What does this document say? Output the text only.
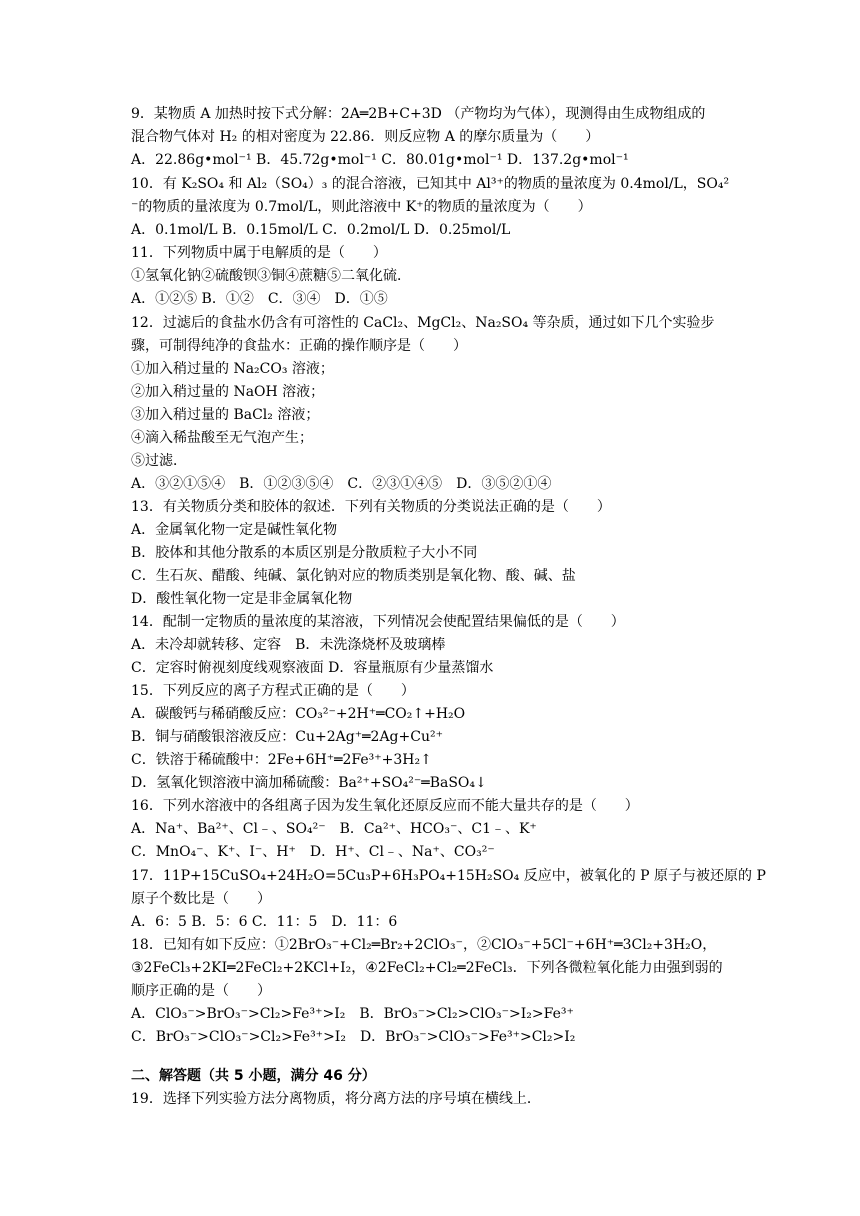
9．某物质 A 加热时按下式分解：2A═2B+C+3D （产物均为气体），现测得由生成物组成的
混合物气体对 H₂ 的相对密度为 22.86．则反应物 A 的摩尔质量为（　　）
A．22.86g•mol⁻¹ B．45.72g•mol⁻¹ C．80.01g•mol⁻¹ D．137.2g•mol⁻¹
10．有 K₂SO₄ 和 Al₂（SO₄）₃ 的混合溶液，已知其中 Al³⁺的物质的量浓度为 0.4mol/L，SO₄²
⁻的物质的量浓度为 0.7mol/L，则此溶液中 K⁺的物质的量浓度为（　　）
A．0.1mol/L B．0.15mol/L C．0.2mol/L D．0.25mol/L
11．下列物质中属于电解质的是（　　）
①氢氧化钠②硫酸钡③铜④蔗糖⑤二氧化硫．
A．①②⑤ B．①②　C．③④　D．①⑤
12．过滤后的食盐水仍含有可溶性的 CaCl₂、MgCl₂、Na₂SO₄ 等杂质，通过如下几个实验步
骤，可制得纯净的食盐水：正确的操作顺序是（　　）
①加入稍过量的 Na₂CO₃ 溶液；
②加入稍过量的 NaOH 溶液；
③加入稍过量的 BaCl₂ 溶液；
④滴入稀盐酸至无气泡产生；
⑤过滤．
A．③②①⑤④　B．①②③⑤④　C．②③①④⑤　D．③⑤②①④
13．有关物质分类和胶体的叙述．下列有关物质的分类说法正确的是（　　）
A．金属氧化物一定是碱性氧化物
B．胶体和其他分散系的本质区别是分散质粒子大小不同
C．生石灰、醋酸、纯碱、氯化钠对应的物质类别是氧化物、酸、碱、盐
D．酸性氧化物一定是非金属氧化物
14．配制一定物质的量浓度的某溶液，下列情况会使配置结果偏低的是（　　）
A．未冷却就转移、定容　B．未洗涤烧杯及玻璃棒
C．定容时俯视刻度线观察液面 D．容量瓶原有少量蒸馏水
15．下列反应的离子方程式正确的是（　　）
A．碳酸钙与稀硝酸反应：CO₃²⁻+2H⁺═CO₂↑+H₂O
B．铜与硝酸银溶液反应：Cu+2Ag⁺═2Ag+Cu²⁺
C．铁溶于稀硫酸中：2Fe+6H⁺═2Fe³⁺+3H₂↑
D．氢氧化钡溶液中滴加稀硫酸：Ba²⁺+SO₄²⁻═BaSO₄↓
16．下列水溶液中的各组离子因为发生氧化还原反应而不能大量共存的是（　　）
A．Na⁺、Ba²⁺、Cl﹣、SO₄²⁻　B．Ca²⁺、HCO₃⁻、C1﹣、K⁺
C．MnO₄⁻、K⁺、I⁻、H⁺　D．H⁺、Cl﹣、Na⁺、CO₃²⁻
17．11P+15CuSO₄+24H₂O=5Cu₃P+6H₃PO₄+15H₂SO₄ 反应中，被氧化的 P 原子与被还原的 P
原子个数比是（　　）
A．6：5 B．5：6 C．11：5　D．11：6
18．已知有如下反应：①2BrO₃⁻+Cl₂═Br₂+2ClO₃⁻，②ClO₃⁻+5Cl⁻+6H⁺═3Cl₂+3H₂O，
③2FeCl₃+2KI═2FeCl₂+2KCl+I₂，④2FeCl₂+Cl₂═2FeCl₃．下列各微粒氧化能力由强到弱的
顺序正确的是（　　）
A．ClO₃⁻>BrO₃⁻>Cl₂>Fe³⁺>I₂　B．BrO₃⁻>Cl₂>ClO₃⁻>I₂>Fe³⁺
C．BrO₃⁻>ClO₃⁻>Cl₂>Fe³⁺>I₂　D．BrO₃⁻>ClO₃⁻>Fe³⁺>Cl₂>I₂
二、解答题（共 5 小题，满分 46 分）
19．选择下列实验方法分离物质，将分离方法的序号填在横线上．
